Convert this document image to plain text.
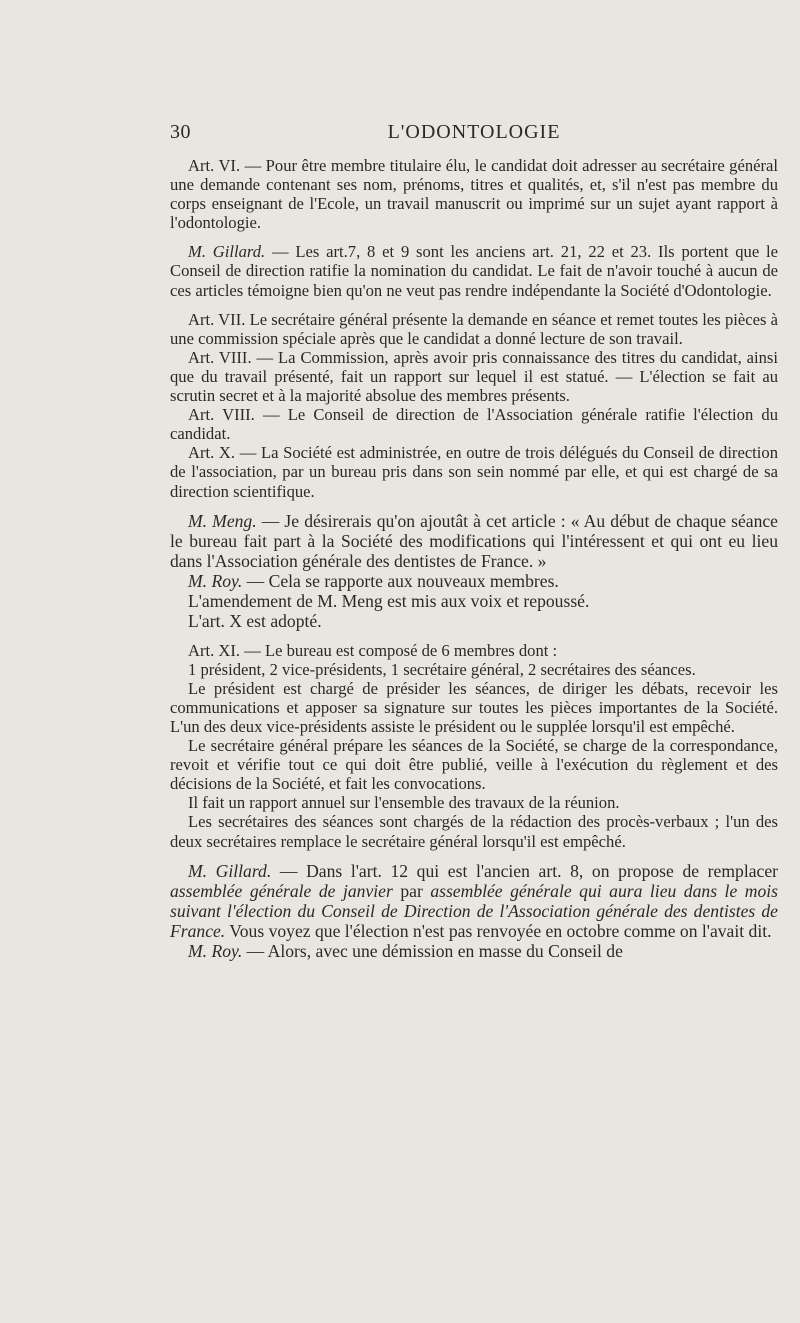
30	L'ODONTOLOGIE

Art. VI. — Pour être membre titulaire élu, le candidat doit adresser au secrétaire général une demande contenant ses nom, prénoms, titres et qualités, et, s'il n'est pas membre du corps enseignant de l'Ecole, un travail manuscrit ou imprimé sur un sujet ayant rapport à l'odontologie.

M. Gillard. — Les art.7, 8 et 9 sont les anciens art. 21, 22 et 23. Ils portent que le Conseil de direction ratifie la nomination du candidat. Le fait de n'avoir touché à aucun de ces articles témoigne bien qu'on ne veut pas rendre indépendante la Société d'Odontologie.

Art. VII. Le secrétaire général présente la demande en séance et remet toutes les pièces à une commission spéciale après que le candidat a donné lecture de son travail.

Art. VIII. — La Commission, après avoir pris connaissance des titres du candidat, ainsi que du travail présenté, fait un rapport sur lequel il est statué. — L'élection se fait au scrutin secret et à la majorité absolue des membres présents.

Art. VIII. — Le Conseil de direction de l'Association générale ratifie l'élection du candidat.

Art. X. — La Société est administrée, en outre de trois délégués du Conseil de direction de l'association, par un bureau pris dans son sein nommé par elle, et qui est chargé de sa direction scientifique.

M. Meng. — Je désirerais qu'on ajoutât à cet article : « Au début de chaque séance le bureau fait part à la Société des modifications qui l'intéressent et qui ont eu lieu dans l'Association générale des dentistes de France. »

M. Roy. — Cela se rapporte aux nouveaux membres.

L'amendement de M. Meng est mis aux voix et repoussé.

L'art. X est adopté.

Art. XI. — Le bureau est composé de 6 membres dont :

1 président, 2 vice-présidents, 1 secrétaire général, 2 secrétaires des séances.

Le président est chargé de présider les séances, de diriger les débats, recevoir les communications et apposer sa signature sur toutes les pièces importantes de la Société. L'un des deux vice-présidents assiste le président ou le supplée lorsqu'il est empêché.

Le secrétaire général prépare les séances de la Société, se charge de la correspondance, revoit et vérifie tout ce qui doit être publié, veille à l'exécution du règlement et des décisions de la Société, et fait les convocations.

Il fait un rapport annuel sur l'ensemble des travaux de la réunion.

Les secrétaires des séances sont chargés de la rédaction des procès-verbaux ; l'un des deux secrétaires remplace le secrétaire général lorsqu'il est empêché.

M. Gillard. — Dans l'art. 12 qui est l'ancien art. 8, on propose de remplacer assemblée générale de janvier par assemblée générale qui aura lieu dans le mois suivant l'élection du Conseil de Direction de l'Association générale des dentistes de France. Vous voyez que l'élection n'est pas renvoyée en octobre comme on l'avait dit.

M. Roy. — Alors, avec une démission en masse du Conseil de
